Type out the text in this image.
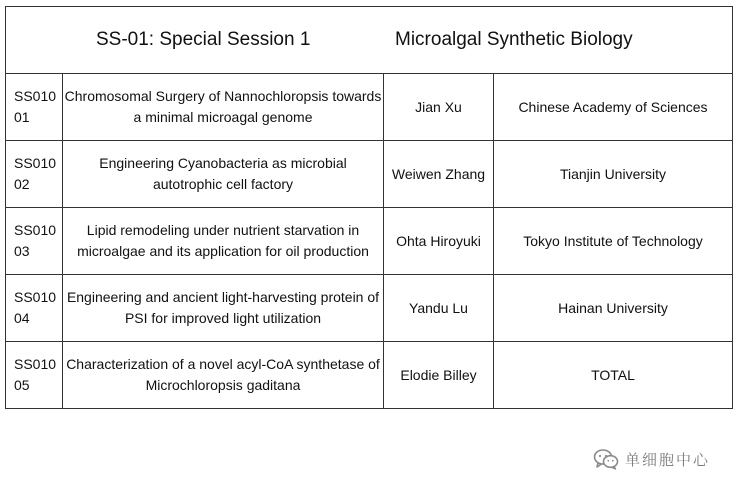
SS-01: Special Session 1 Microalgal Synthetic Biology			

SS010 01	Chromosomal Surgery of Nannochloropsis towards a minimal microagal genome	Jian Xu	Chinese Academy of Sciences

SS010 02	Engineering Cyanobacteria as microbial autotrophic cell factory	Weiwen Zhang	Tianjin University

SS010 03	Lipid remodeling under nutrient starvation in microalgae and its application for oil production	Ohta Hiroyuki	Tokyo Institute of Technology

SS010 04	Engineering and ancient light-harvesting protein of PSI for improved light utilization	Yandu Lu	Hainan University

SS010 05	Characterization of a novel acyl-CoA synthetase of Microchloropsis gaditana	Elodie Billey	TOTAL
单细胞中心
